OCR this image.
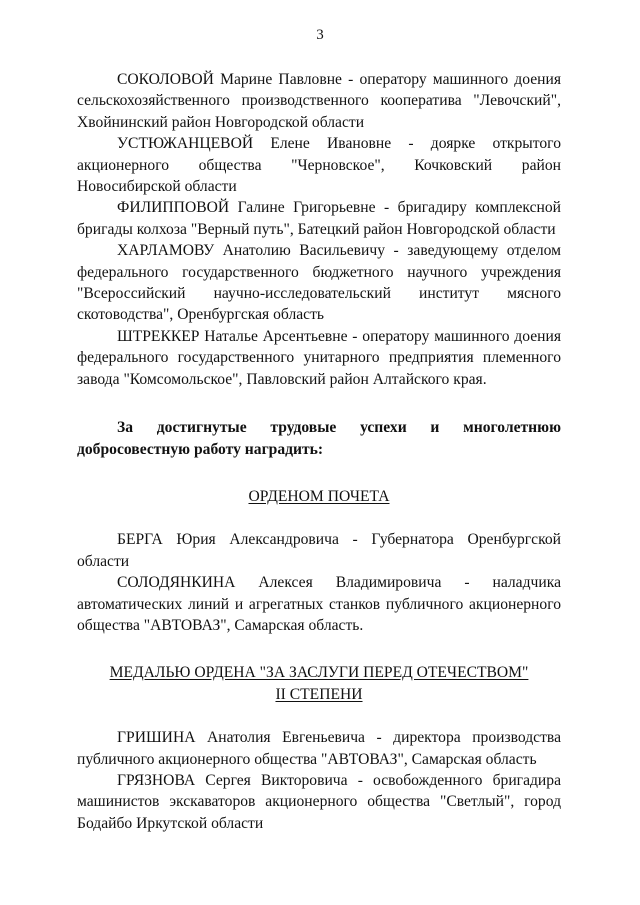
3

СОКОЛОВОЙ Марине Павловне - оператору машинного доения сельскохозяйственного производственного кооператива "Левочский", Хвойнинский район Новгородской области

УСТЮЖАНЦЕВОЙ Елене Ивановне - доярке открытого акционерного общества "Черновское", Кочковский район Новосибирской области

ФИЛИППОВОЙ Галине Григорьевне - бригадиру комплексной бригады колхоза "Верный путь", Батецкий район Новгородской области

ХАРЛАМОВУ Анатолию Васильевичу - заведующему отделом федерального государственного бюджетного научного учреждения "Всероссийский научно-исследовательский институт мясного скотоводства", Оренбургская область

ШТРЕККЕР Наталье Арсентьевне - оператору машинного доения федерального государственного унитарного предприятия племенного завода "Комсомольское", Павловский район Алтайского края.

За достигнутые трудовые успехи и многолетнюю добросовестную работу наградить:

ОРДЕНОМ ПОЧЕТА

БЕРГА Юрия Александровича - Губернатора Оренбургской области

СОЛОДЯНКИНА Алексея Владимировича - наладчика автоматических линий и агрегатных станков публичного акционерного общества "АВТОВАЗ", Самарская область.

МЕДАЛЬЮ ОРДЕНА "ЗА ЗАСЛУГИ ПЕРЕД ОТЕЧЕСТВОМ"
II СТЕПЕНИ

ГРИШИНА Анатолия Евгеньевича - директора производства публичного акционерного общества "АВТОВАЗ", Самарская область

ГРЯЗНОВА Сергея Викторовича - освобожденного бригадира машинистов экскаваторов акционерного общества "Светлый", город Бодайбо Иркутской области
